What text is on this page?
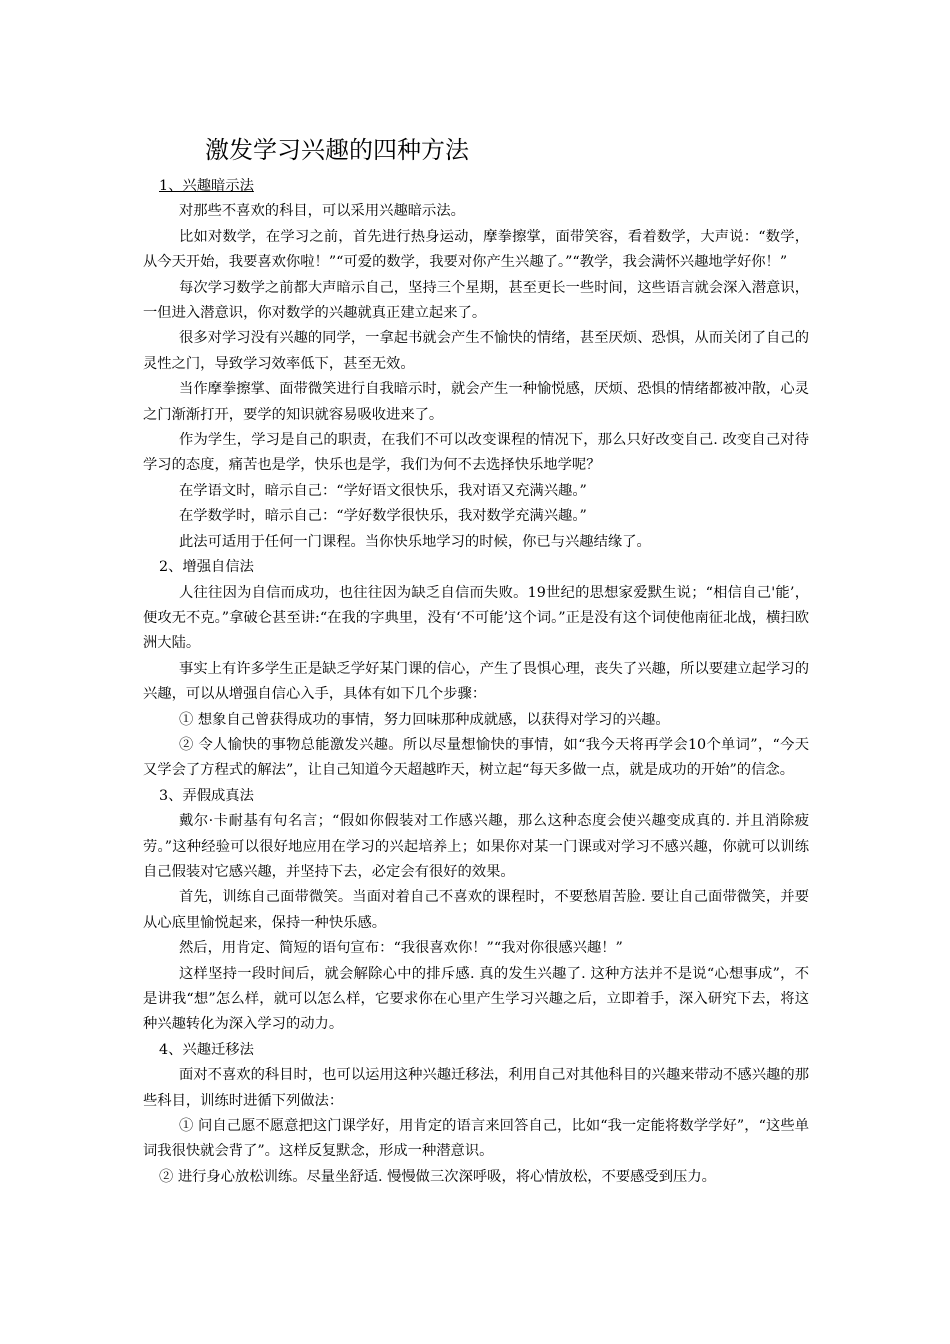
激发学习兴趣的四种方法

1、兴趣暗示法

对那些不喜欢的科目，可以采用兴趣暗示法。

比如对数学，在学习之前，首先进行热身运动，摩拳擦掌，面带笑容，看着数学，大声说：“数学，从今天开始，我要喜欢你啦！”“可爱的数学，我要对你产生兴趣了。”“教学，我会满怀兴趣地学好你！”

每次学习数学之前都大声暗示自己，坚持三个星期，甚至更长一些时间，这些语言就会深入潜意识，一但进入潜意识，你对数学的兴趣就真正建立起来了。

很多对学习没有兴趣的同学，一拿起书就会产生不愉快的情绪，甚至厌烦、恐惧，从而关闭了自己的灵性之门，导致学习效率低下，甚至无效。

当作摩拳擦掌、面带微笑进行自我暗示时，就会产生一种愉悦感，厌烦、恐惧的情绪都被冲散，心灵之门渐渐打开，要学的知识就容易吸收进来了。

作为学生，学习是自己的职责，在我们不可以改变课程的情况下，那么只好改变自己. 改变自己对待学习的态度，痛苦也是学，快乐也是学，我们为何不去选择快乐地学呢？

在学语文时，暗示自己：“学好语文很快乐，我对语又充满兴趣。”

在学数学时，暗示自己：“学好数学很快乐，我对数学充满兴趣。”

此法可适用于任何一门课程。当你快乐地学习的时候，你已与兴趣结缘了。

2、增强自信法

人往往因为自信而成功，也往往因为缺乏自信而失败。19世纪的思想家爱默生说；“相信自己'能’，便攻无不克。”拿破仑甚至讲:“在我的字典里，没有‘不可能’这个词。”正是没有这个词使他南征北战，横扫欧洲大陆。

事实上有许多学生正是缺乏学好某门课的信心，产生了畏惧心理，丧失了兴趣，所以要建立起学习的兴趣，可以从增强自信心入手，具体有如下几个步骤：

① 想象自己曾获得成功的事情，努力回味那种成就感，以获得对学习的兴趣。

② 令人愉快的事物总能激发兴趣。所以尽量想愉快的事情，如“我今天将再学会10个单词”，“今天又学会了方程式的解法”，让自己知道今天超越昨天，树立起“每天多做一点，就是成功的开始”的信念。

3、弄假成真法

戴尔·卡耐基有句名言；“假如你假装对工作感兴趣，那么这种态度会使兴趣变成真的. 并且消除疲劳。”这种经验可以很好地应用在学习的兴起培养上；如果你对某一门课或对学习不感兴趣，你就可以训练自己假装对它感兴趣，并坚持下去，必定会有很好的效果。

首先，训练自己面带微笑。当面对着自己不喜欢的课程时，不要愁眉苦脸. 要让自己面带微笑，并要从心底里愉悦起来，保持一种快乐感。

然后，用肯定、简短的语句宣布：“我很喜欢你！”“我对你很感兴趣！”

这样坚持一段时间后，就会解除心中的排斥感. 真的发生兴趣了. 这种方法并不是说“心想事成”，不是讲我“想”怎么样，就可以怎么样，它要求你在心里产生学习兴趣之后，立即着手，深入研究下去，将这种兴趣转化为深入学习的动力。

4、兴趣迁移法

面对不喜欢的科目时，也可以运用这种兴趣迁移法，利用自己对其他科目的兴趣来带动不感兴趣的那些科目，训练时进循下列做法：

① 问自己愿不愿意把这门课学好，用肯定的语言来回答自己，比如“我一定能将数学学好”，“这些单词我很快就会背了”。这样反复默念，形成一种潜意识。

② 进行身心放松训练。尽量坐舒适. 慢慢做三次深呼吸，将心情放松，不要感受到压力。
